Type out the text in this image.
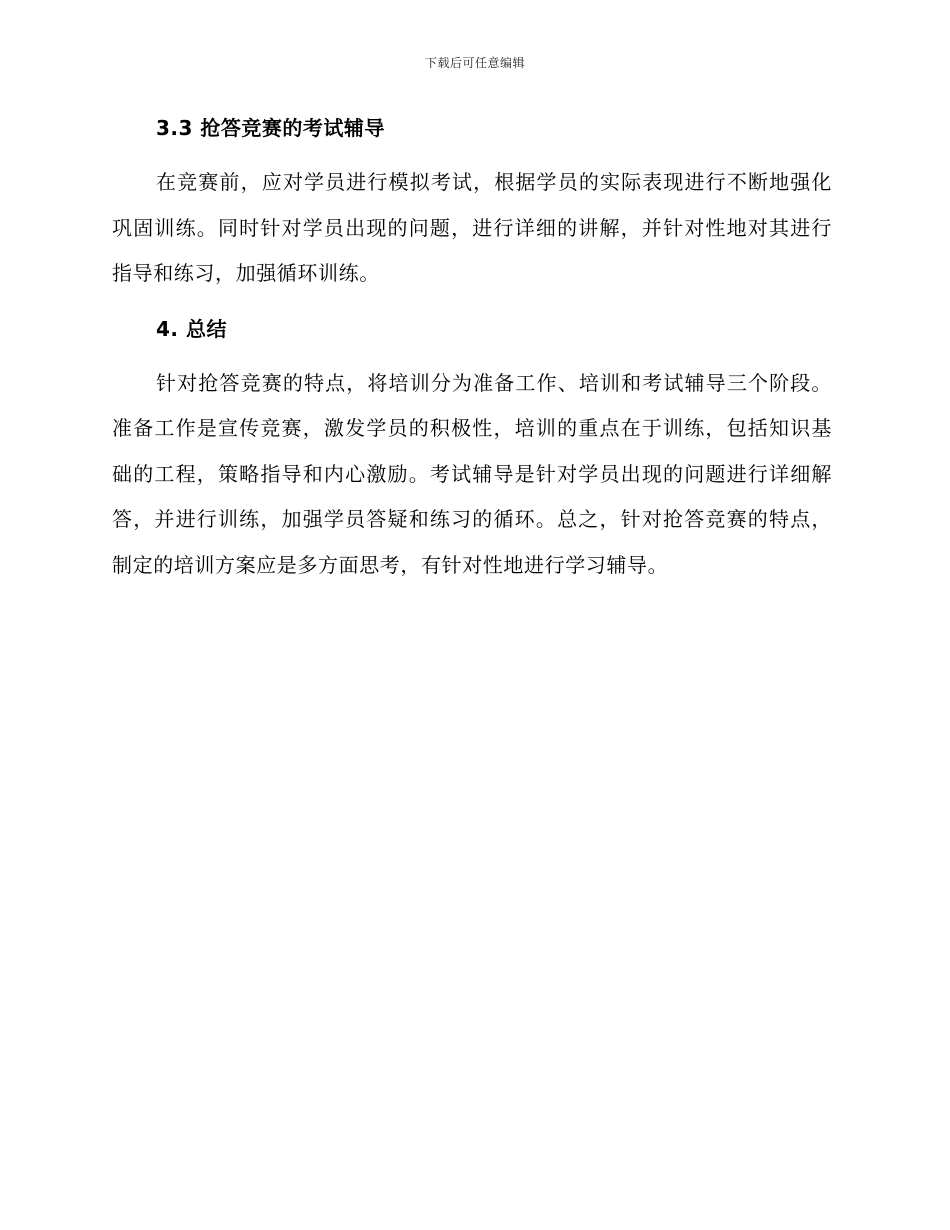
下载后可任意编辑
3.3 抢答竞赛的考试辅导

在竞赛前，应对学员进行模拟考试，根据学员的实际表现进行不断地强化巩固训练。同时针对学员出现的问题，进行详细的讲解，并针对性地对其进行指导和练习，加强循环训练。

4. 总结

针对抢答竞赛的特点，将培训分为准备工作、培训和考试辅导三个阶段。准备工作是宣传竞赛，激发学员的积极性，培训的重点在于训练，包括知识基础的工程，策略指导和内心激励。考试辅导是针对学员出现的问题进行详细解答，并进行训练，加强学员答疑和练习的循环。总之，针对抢答竞赛的特点，制定的培训方案应是多方面思考，有针对性地进行学习辅导。
